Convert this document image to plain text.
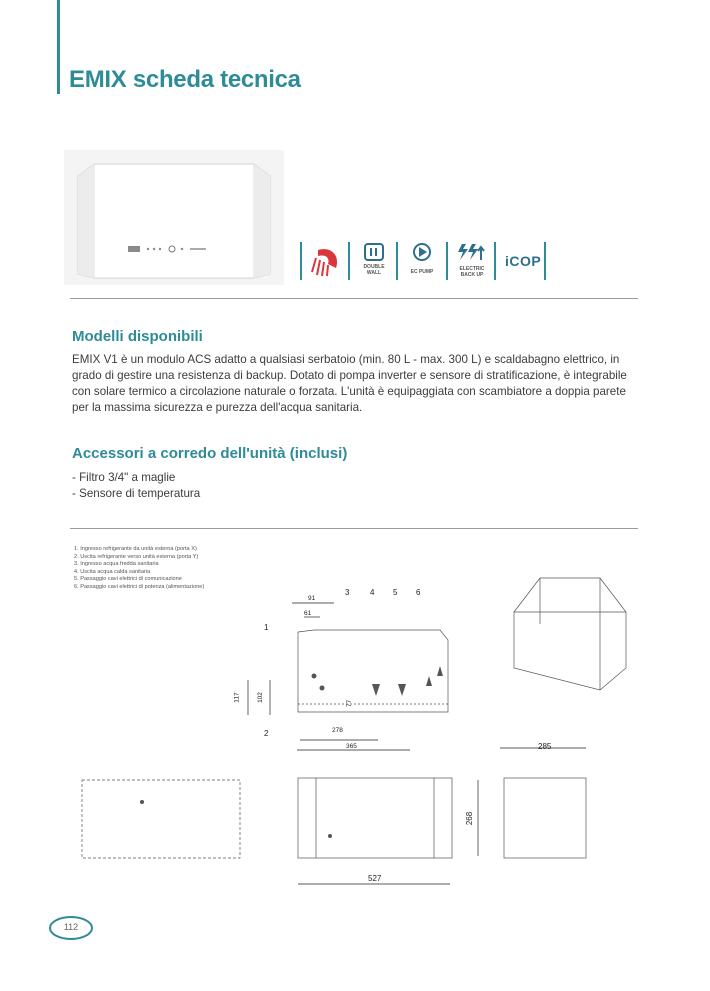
EMIX scheda tecnica
DOUBLE WALL	EC PUMP	ELECTRIC BACK UP
iCOP
Modelli disponibili
EMIX V1 è un modulo ACS adatto a qualsiasi serbatoio (min. 80 L - max. 300 L) e scaldabagno elettrico, in
grado di gestire una resistenza di backup. Dotato di pompa inverter e sensore di stratificazione, è integrabile
con solare termico a circolazione naturale o forzata. L'unità è equipaggiata con scambiatore a doppia parete
per la massima sicurezza e purezza dell'acqua sanitaria.
Accessori a corredo dell'unità (inclusi)
- Filtro 3/4" a maglie
- Sensore di temperatura
1. Ingresso refrigerante da unità esterna (porta X)
2. Uscita refrigerante verso unità esterna (porta Y)
3. Ingresso acqua fredda sanitaria
4. Uscita acqua calda sanitaria
5. Passaggio cavi elettrici di comunicazione
6. Passaggio cavi elettrici di potenza (alimentazione)
91
61
117 102
77
278
365	285
268
527
1
2
3	4 5 6
112
